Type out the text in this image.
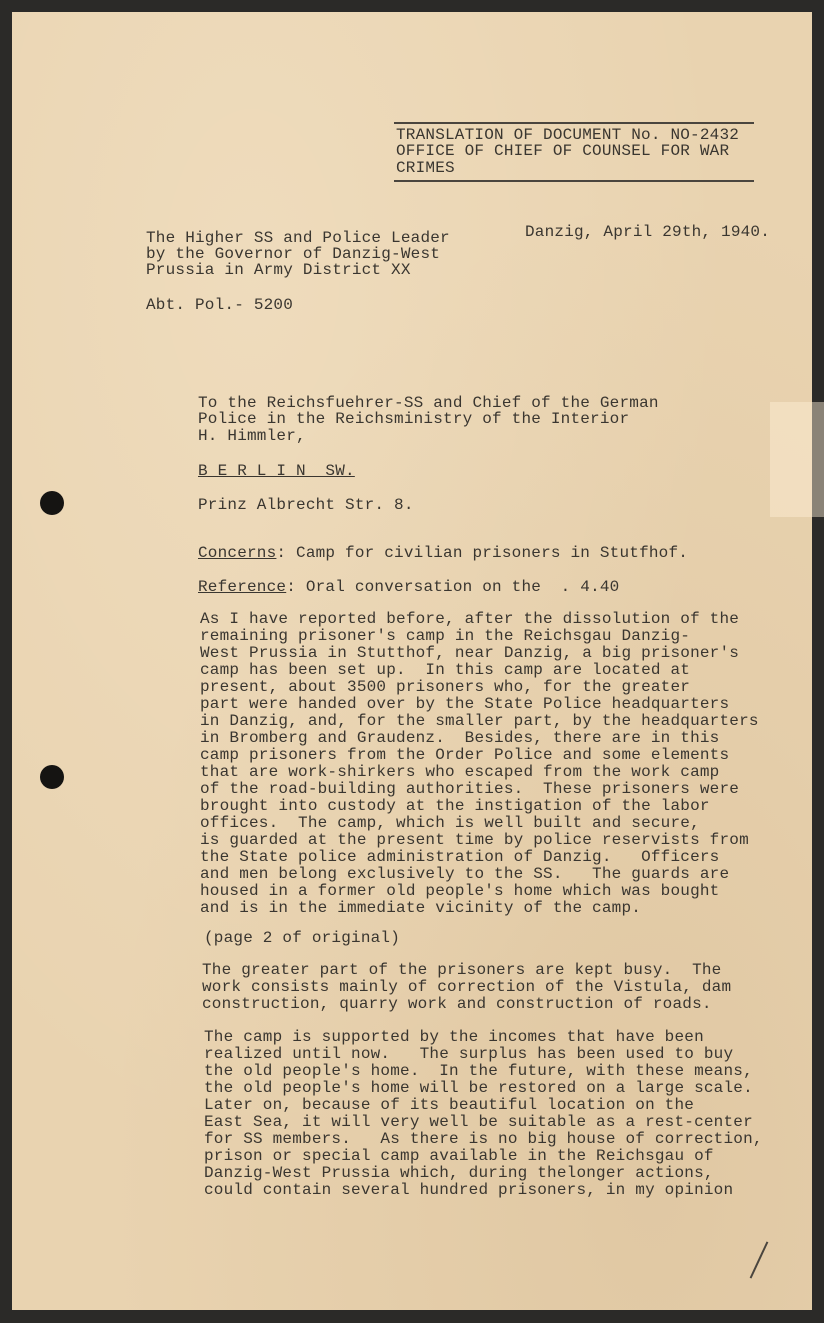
TRANSLATION OF DOCUMENT No. NO-2432
OFFICE OF CHIEF OF COUNSEL FOR WAR
CRIMES
The Higher SS and Police Leader
by the Governor of Danzig-West
Prussia in Army District XX
Abt. Pol.- 5200
Danzig, April 29th, 1940.
To the Reichsfuehrer-SS and Chief of the German
Police in the Reichsministry of the Interior
H. Himmler,
B E R L I N  SW.
Prinz Albrecht Str. 8.
Concerns: Camp for civilian prisoners in Stutfhof.
Reference: Oral conversation on the  . 4.40
As I have reported before, after the dissolution of the
remaining prisoner's camp in the Reichsgau Danzig-
West Prussia in Stutthof, near Danzig, a big prisoner's
camp has been set up.  In this camp are located at
present, about 3500 prisoners who, for the greater
part were handed over by the State Police headquarters
in Danzig, and, for the smaller part, by the headquarters
in Bromberg and Graudenz.  Besides, there are in this
camp prisoners from the Order Police and some elements
that are work-shirkers who escaped from the work camp
of the road-building authorities.  These prisoners were
brought into custody at the instigation of the labor
offices.  The camp, which is well built and secure,
is guarded at the present time by police reservists from
the State police administration of Danzig.   Officers
and men belong exclusively to the SS.   The guards are
housed in a former old people's home which was bought
and is in the immediate vicinity of the camp.
(page 2 of original)
The greater part of the prisoners are kept busy.  The
work consists mainly of correction of the Vistula, dam
construction, quarry work and construction of roads.
The camp is supported by the incomes that have been
realized until now.   The surplus has been used to buy
the old people's home.  In the future, with these means,
the old people's home will be restored on a large scale.
Later on, because of its beautiful location on the
East Sea, it will very well be suitable as a rest-center
for SS members.   As there is no big house of correction,
prison or special camp available in the Reichsgau of
Danzig-West Prussia which, during thelonger actions,
could contain several hundred prisoners, in my opinion
